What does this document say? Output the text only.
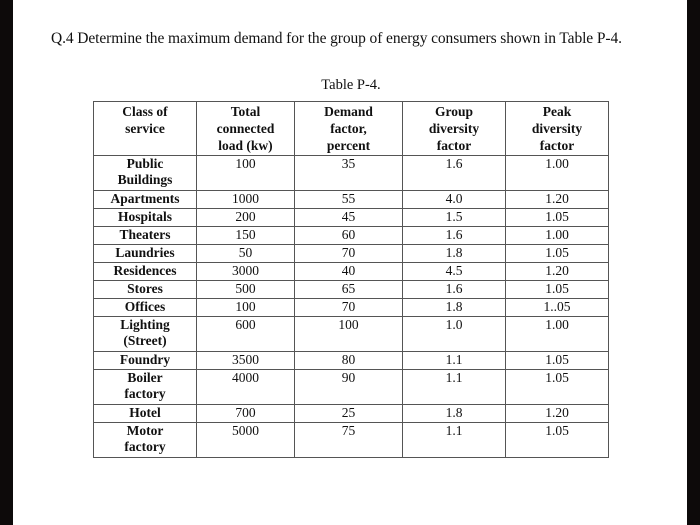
Q.4 Determine the maximum demand for the group of energy consumers shown in Table P-4.
Table P-4.
Class of
service	Total
connected
load (kw)	Demand
factor,
percent	Group
diversity
factor	Peak
diversity
factor

Public
Buildings	100	35	1.6	1.00

Apartments	1000	55	4.0	1.20

Hospitals	200	45	1.5	1.05

Theaters	150	60	1.6	1.00

Laundries	50	70	1.8	1.05

Residences	3000	40	4.5	1.20

Stores	500	65	1.6	1.05

Offices	100	70	1.8	1..05

Lighting
(Street)	600	100	1.0	1.00

Foundry	3500	80	1.1	1.05

Boiler
factory	4000	90	1.1	1.05

Hotel	700	25	1.8	1.20

Motor
factory	5000	75	1.1	1.05
